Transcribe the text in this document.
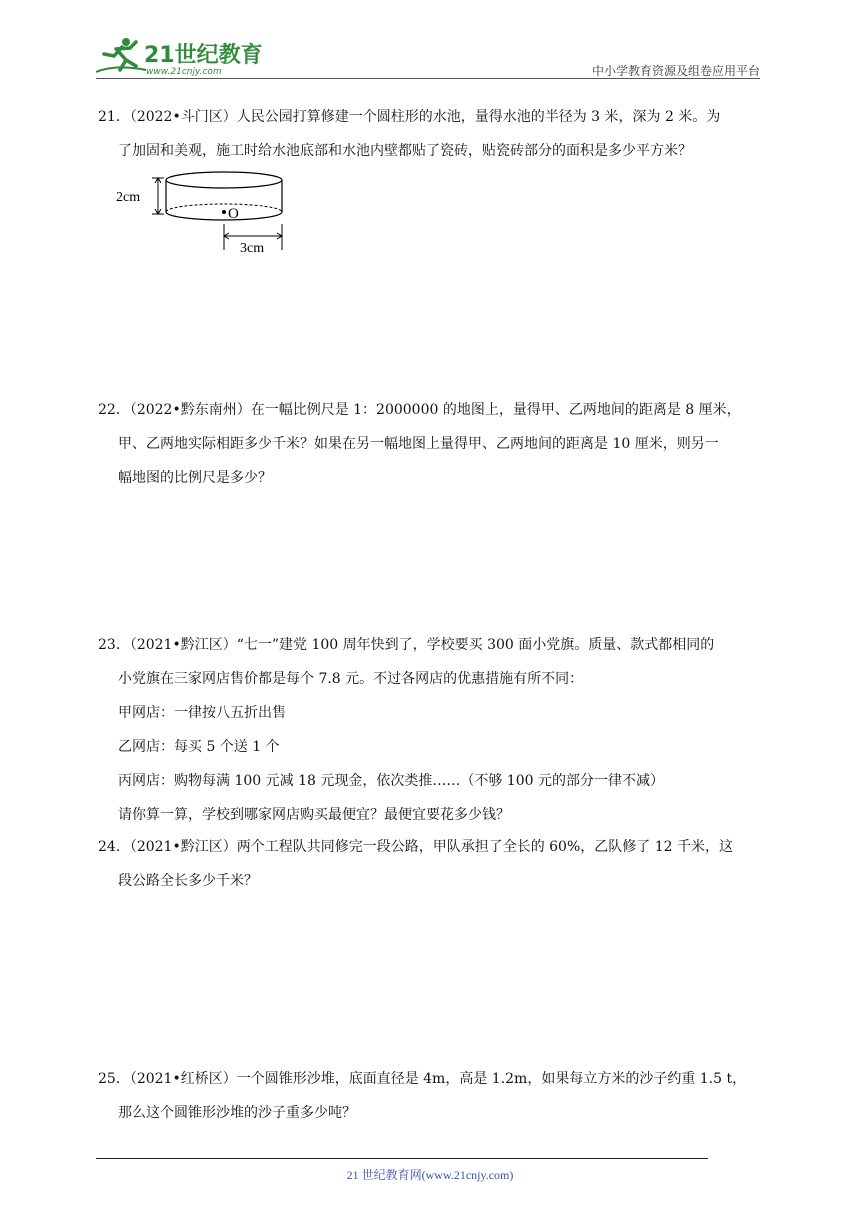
21世纪教育
www.21cnjy.com	中小学教育资源及组卷应用平台

21．（2022•斗门区）人民公园打算修建一个圆柱形的水池，量得水池的半径为 3 米，深为 2 米。为

了加固和美观，施工时给水池底部和水池内壁都贴了瓷砖，贴瓷砖部分的面积是多少平方米？

2cm
O
3cm

22．（2022•黔东南州）在一幅比例尺是 1：2000000 的地图上，量得甲、乙两地间的距离是 8 厘米，

甲、乙两地实际相距多少千米？如果在另一幅地图上量得甲、乙两地间的距离是 10 厘米，则另一

幅地图的比例尺是多少？

23．（2021•黔江区）“七一”建党 100 周年快到了，学校要买 300 面小党旗。质量、款式都相同的

小党旗在三家网店售价都是每个 7.8 元。不过各网店的优惠措施有所不同：

甲网店：一律按八五折出售

乙网店：每买 5 个送 1 个

丙网店：购物每满 100 元减 18 元现金，依次类推……（不够 100 元的部分一律不减）

请你算一算，学校到哪家网店购买最便宜？最便宜要花多少钱？

24．（2021•黔江区）两个工程队共同修完一段公路，甲队承担了全长的 60%，乙队修了 12 千米，这

段公路全长多少千米？

25．（2021•红桥区）一个圆锥形沙堆，底面直径是 4m，高是 1.2m，如果每立方米的沙子约重 1.5 t，

那么这个圆锥形沙堆的沙子重多少吨？

21 世纪教育网(www.21cnjy.com)
